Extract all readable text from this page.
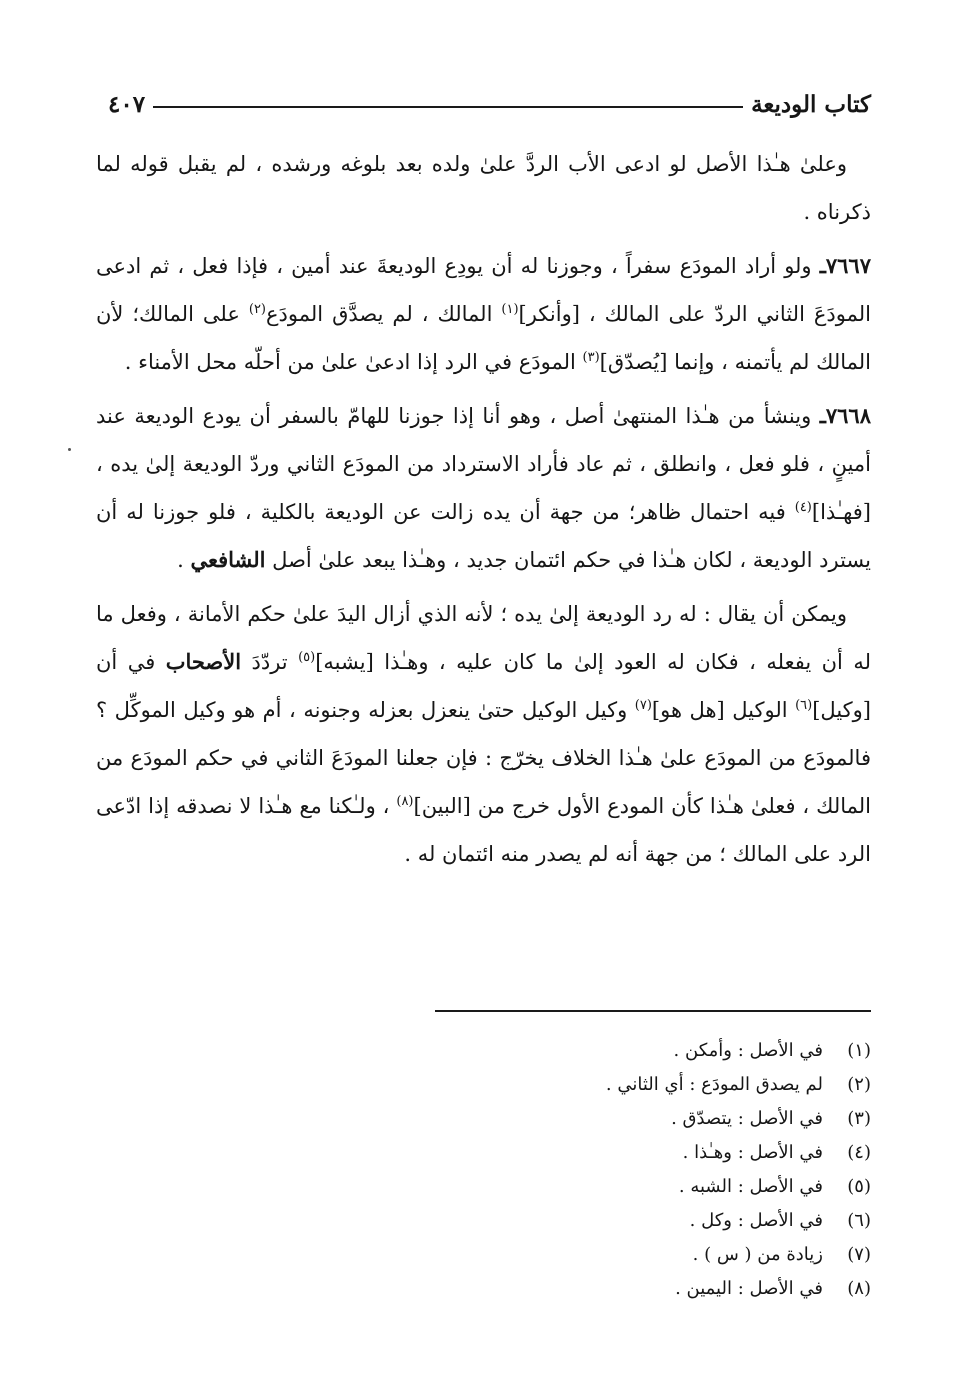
كتاب الوديعة
٤٠٧

وعلىٰ هـٰذا الأصل لو ادعى الأب الردَّ علىٰ ولده بعد بلوغه ورشده ، لم يقبل قوله لما ذكرناه .

٧٦٦٧ـ ولو أراد المودَع سفراً ، وجوزنا له أن يودِع الوديعةَ عند أمين ، فإذا فعل ، ثم ادعى المودَعَ الثاني الردّ على المالك ، [وأنكر]$^{(١)}$ المالك ، لم يصدَّق المودَع$^{(٢)}$ على المالك؛ لأن المالك لم يأتمنه ، وإنما [يُصدّق]$^{(٣)}$ المودَع في الرد إذا ادعىٰ علىٰ من أحلّه محل الأمناء .

٧٦٦٨ـ وينشأ من هـٰذا المنتهىٰ أصل ، وهو أنا إذا جوزنا للهامّ بالسفر أن يودع الوديعة عند أمينٍ ، فلو فعل ، وانطلق ، ثم عاد فأراد الاسترداد من المودَع الثاني وردّ الوديعة إلىٰ يده ، [فهـٰذا]$^{(٤)}$ فيه احتمال ظاهر؛ من جهة أن يده زالت عن الوديعة بالكلية ، فلو جوزنا له أن يسترد الوديعة ، لكان هـٰذا في حكم ائتمان جديد ، وهـٰذا يبعد علىٰ أصل الشافعي .

ويمكن أن يقال : له رد الوديعة إلىٰ يده ؛ لأنه الذي أزال اليدَ علىٰ حكم الأمانة ، وفعل ما له أن يفعله ، فكان له العود إلىٰ ما كان عليه ، وهـٰذا [يشبه]$^{(٥)}$ تردّدَ الأصحاب في أن [وكيل]$^{(٦)}$ الوكيل [هل هو]$^{(٧)}$ وكيل الوكيل حتىٰ ينعزل بعزله وجنونه ، أم هو وكيل الموكِّل ؟ فالمودَع من المودَع علىٰ هـٰذا الخلاف يخرّج : فإن جعلنا المودَعَ الثاني في حكم المودَع من المالك ، فعلىٰ هـٰذا كأن المودع الأول خرج من [البين]$^{(٨)}$ ، ولـٰكنا مع هـٰذا لا نصدقه إذا ادّعى الرد على المالك ؛ من جهة أنه لم يصدر منه ائتمان له .

(١)
في الأصل : وأمكن .
(٢)
لم يصدق المودَع : أي الثاني .
(٣)
في الأصل : يتصدّق .
(٤)
في الأصل : وهـٰذا .
(٥)
في الأصل : الشبه .
(٦)
في الأصل : وكل .
(٧)
زيادة من ( س ) .
(٨)
في الأصل : اليمين .
